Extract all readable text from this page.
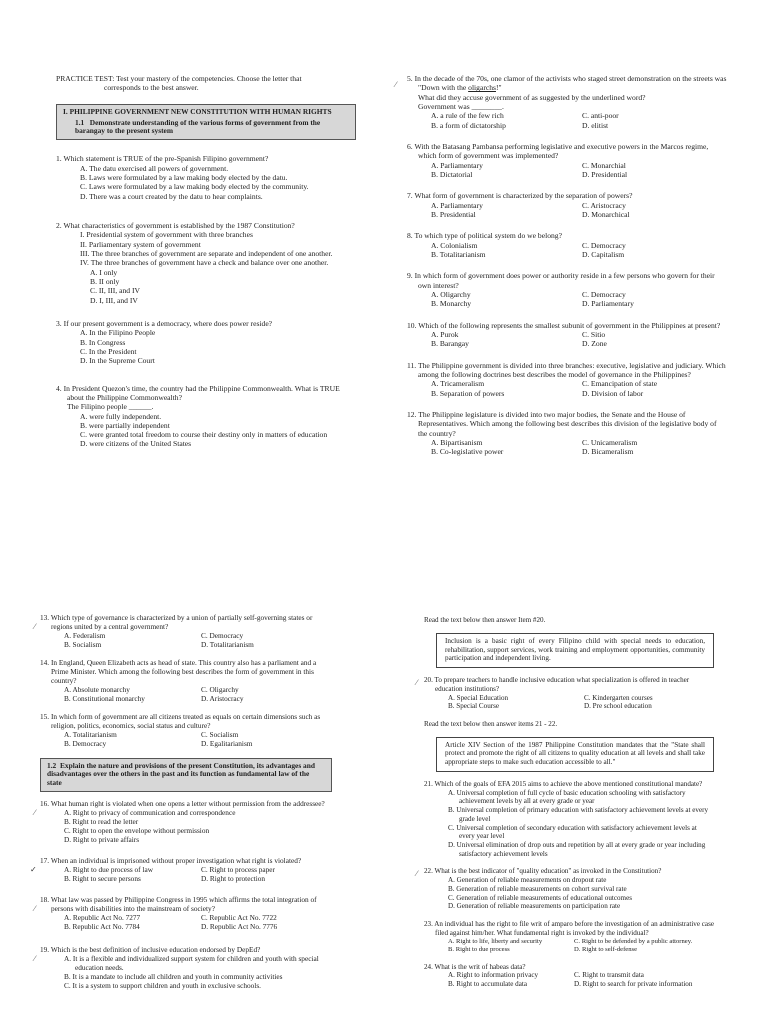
PRACTICE TEST: Test your mastery of the competencies. Choose the letter that

corresponds to the best answer.

I. PHILIPPINE GOVERNMENT NEW CONSTITUTION WITH HUMAN RIGHTS

1.1 Demonstrate understanding of the various forms of government from the barangay to the present system

1. Which statement is TRUE of the pre-Spanish Filipino government?

A. The datu exercised all powers of government.

B. Laws were formulated by a law making body elected by the datu.

C. Laws were formulated by a law making body elected by the community.

D. There was a court created by the datu to hear complaints.

2. What characteristics of government is established by the 1987 Constitution?

I. Presidential system of government with three branches

II. Parliamentary system of government

III. The three branches of government are separate and independent of one another.

IV. The three branches of government have a check and balance over one another.

A. I only

B. II only

C. II, III, and IV

D. I, III, and IV

3. If our present government is a democracy, where does power reside?

A. In the Filipino People

B. In Congress

C. In the President

D. In the Supreme Court

4. In President Quezon's time, the country had the Philippine Commonwealth. What is TRUE about the Philippine Commonwealth?

The Filipino people ______.

A. were fully independent.

B. were partially independent

C. were granted total freedom to course their destiny only in matters of education

D. were citizens of the United States

⁄

5. In the decade of the 70s, one clamor of the activists who staged street demonstration on the streets was "Down with the oligarchs!"

What did they accuse government of as suggested by the underlined word?

Government was ________.

A. a rule of the few rich	C. anti-poor

B. a form of dictatorship	D. elitist

6. With the Batasang Pambansa performing legislative and executive powers in the Marcos regime, which form of government was implemented?

A. Parliamentary	C. Monarchial

B. Dictatorial	D. Presidential

7. What form of government is characterized by the separation of powers?

A. Parliamentary	C. Aristocracy

B. Presidential	D. Monarchical

8. To which type of political system do we belong?

A. Colonialism	C. Democracy

B. Totalitarianism	D. Capitalism

9. In which form of government does power or authority reside in a few persons who govern for their own interest?

A. Oligarchy	C. Democracy

B. Monarchy	D. Parliamentary

10. Which of the following represents the smallest subunit of government in the Philippines at present?

A. Purok	C. Sitio

B. Barangay	D. Zone

11. The Philippine government is divided into three branches: executive, legislative and judiciary. Which among the following doctrines best describes the model of governance in the Philippines?

A. Tricameralism	C. Emancipation of state

B. Separation of powers	D. Division of labor

12. The Philippine legislature is divided into two major bodies, the Senate and the House of Representatives. Which among the following best describes this division of the legislative body of the country?

A. Bipartisanism	C. Unicameralism

B. Co-legislative power	D. Bicameralism

⁄

13. Which type of governance is characterized by a union of partially self-governing states or regions united by a central government?

A. Federalism	C. Democracy

B. Socialism	D. Totalitarianism

14. In England, Queen Elizabeth acts as head of state. This country also has a parliament and a Prime Minister. Which among the following best describes the form of government in this country?

A. Absolute monarchy	C. Oligarchy

B. Constitutional monarchy	D. Aristocracy

15. In which form of government are all citizens treated as equals on certain dimensions such as religion, politics, economics, social status and culture?

A. Totalitarianism	C. Socialism

B. Democracy	D. Egalitarianism

1.2 Explain the nature and provisions of the present Constitution, its advantages and disadvantages over the others in the past and its function as fundamental law of the state

⁄

16. What human right is violated when one opens a letter without permission from the addressee?

A. Right to privacy of communication and correspondence

B. Right to read the letter

C. Right to open the envelope without permission

D. Right to private affairs

✓

17. When an individual is imprisoned without proper investigation what right is violated?

A. Right to due process of law	C. Right to process paper

B. Right to secure persons	D. Right to protection

⁄

18. What law was passed by Philippine Congress in 1995 which affirms the total integration of persons with disabilities into the mainstream of society?

A. Republic Act No. 7277	C. Republic Act No. 7722

B. Republic Act No. 7784	D. Republic Act No. 7776

⁄

19. Which is the best definition of inclusive education endorsed by DepEd?

A. It is a flexible and individualized support system for children and youth with special education needs.

B. It is a mandate to include all children and youth in community activities

C. It is a system to support children and youth in exclusive schools.

Read the text below then answer Item #20.

Inclusion is a basic right of every Filipino child with special needs to education, rehabilitation, support services, work training and employment opportunities, community participation and independent living.
⁄ 20. To prepare teachers to handle inclusive education what specialization is offered in teacher education institutions?

A. Special Education	C. Kindergarten courses

B. Special Course	D. Pre school education

Read the text below then answer items 21 - 22.

Article XIV Section of the 1987 Philippine Constitution mandates that the "State shall protect and promote the right of all citizens to quality education at all levels and shall take appropriate steps to make such education accessible to all."

21. Which of the goals of EFA 2015 aims to achieve the above mentioned constitutional mandate?

A. Universal completion of full cycle of basic education schooling with satisfactory achievement levels by all at every grade or year

B. Universal completion of primary education with satisfactory achievement levels at every grade level

C. Universal completion of secondary education with satisfactory achievement levels at every year level

D. Universal elimination of drop outs and repetition by all at every grade or year including satisfactory achievement levels

⁄ 22. What is the best indicator of "quality education" as invoked in the Constitution?

A. Generation of reliable measurements on dropout rate

B. Generation of reliable measurements on cohort survival rate

C. Generation of reliable measurements of educational outcomes

D. Generation of reliable measurements on participation rate

23. An individual has the right to file writ of amparo before the investigation of an administrative case filed against him/her. What fundamental right is invoked by the individual?

A. Right to life, liberty and security	C. Right to be defended by a public attorney.

B. Right to due process	D. Right to self-defense

24. What is the writ of habeas data?

A. Right to information privacy	C. Right to transmit data

B. Right to accumulate data	D. Right to search for private information
